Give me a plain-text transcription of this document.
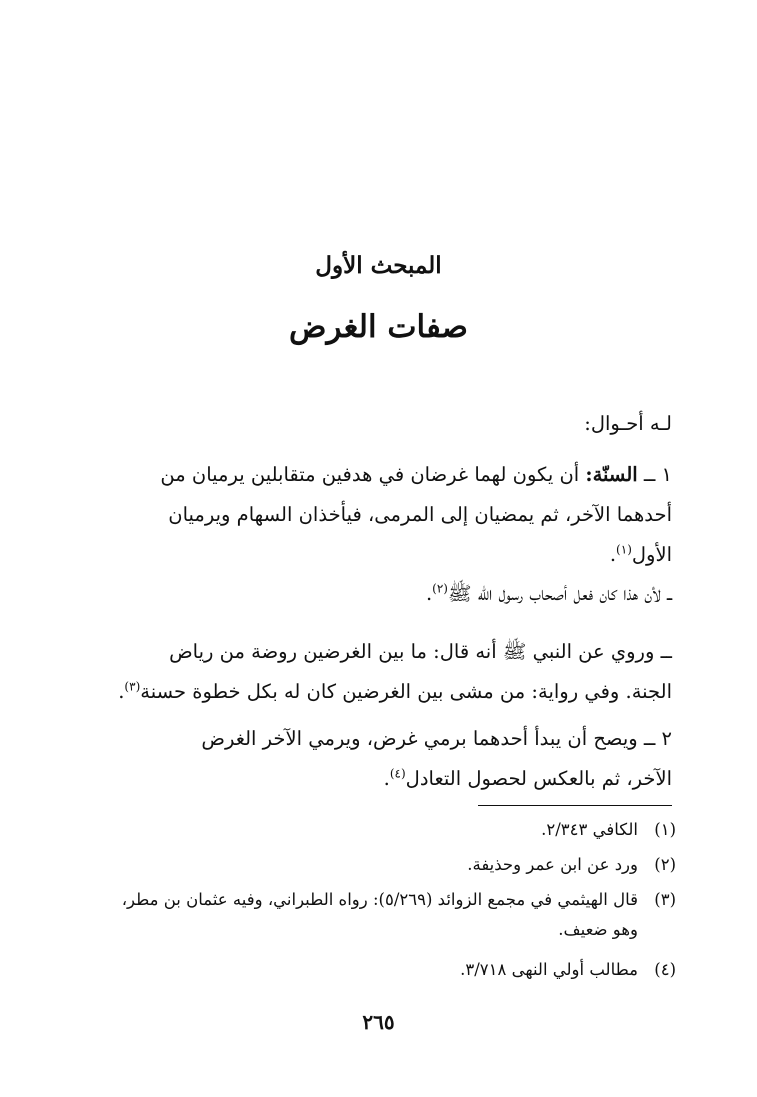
المبحث الأول
صفات الغرض
لـه أحـوال:
١ ــ السنّة: أن يكون لهما غرضان في هدفين متقابلين يرميان من
أحدهما الآخر، ثم يمضيان إلى المرمى، فيأخذان السهام ويرميان
الأول$^{(١)}$.
ــ لأن هذا كان فعل أصحاب رسول الله ﷺ$^{(٢)}$.
ــ وروي عن النبي ﷺ أنه قال: ما بين الغرضين روضة من رياض
الجنة. وفي رواية: من مشى بين الغرضين كان له بكل خطوة حسنة$^{(٣)}$.
٢ ــ ويصح أن يبدأ أحدهما برمي غرض، ويرمي الآخر الغرض
الآخر، ثم بالعكس لحصول التعادل$^{(٤)}$.
(١)الكافي ٢/٣٤٣.
(٢)ورد عن ابن عمر وحذيفة.
(٣)قال الهيثمي في مجمع الزوائد (٥/٢٦٩): رواه الطبراني، وفيه عثمان بن مطر،
وهو ضعيف.
(٤)مطالب أولي النهى ٣/٧١٨.
٢٦٥
